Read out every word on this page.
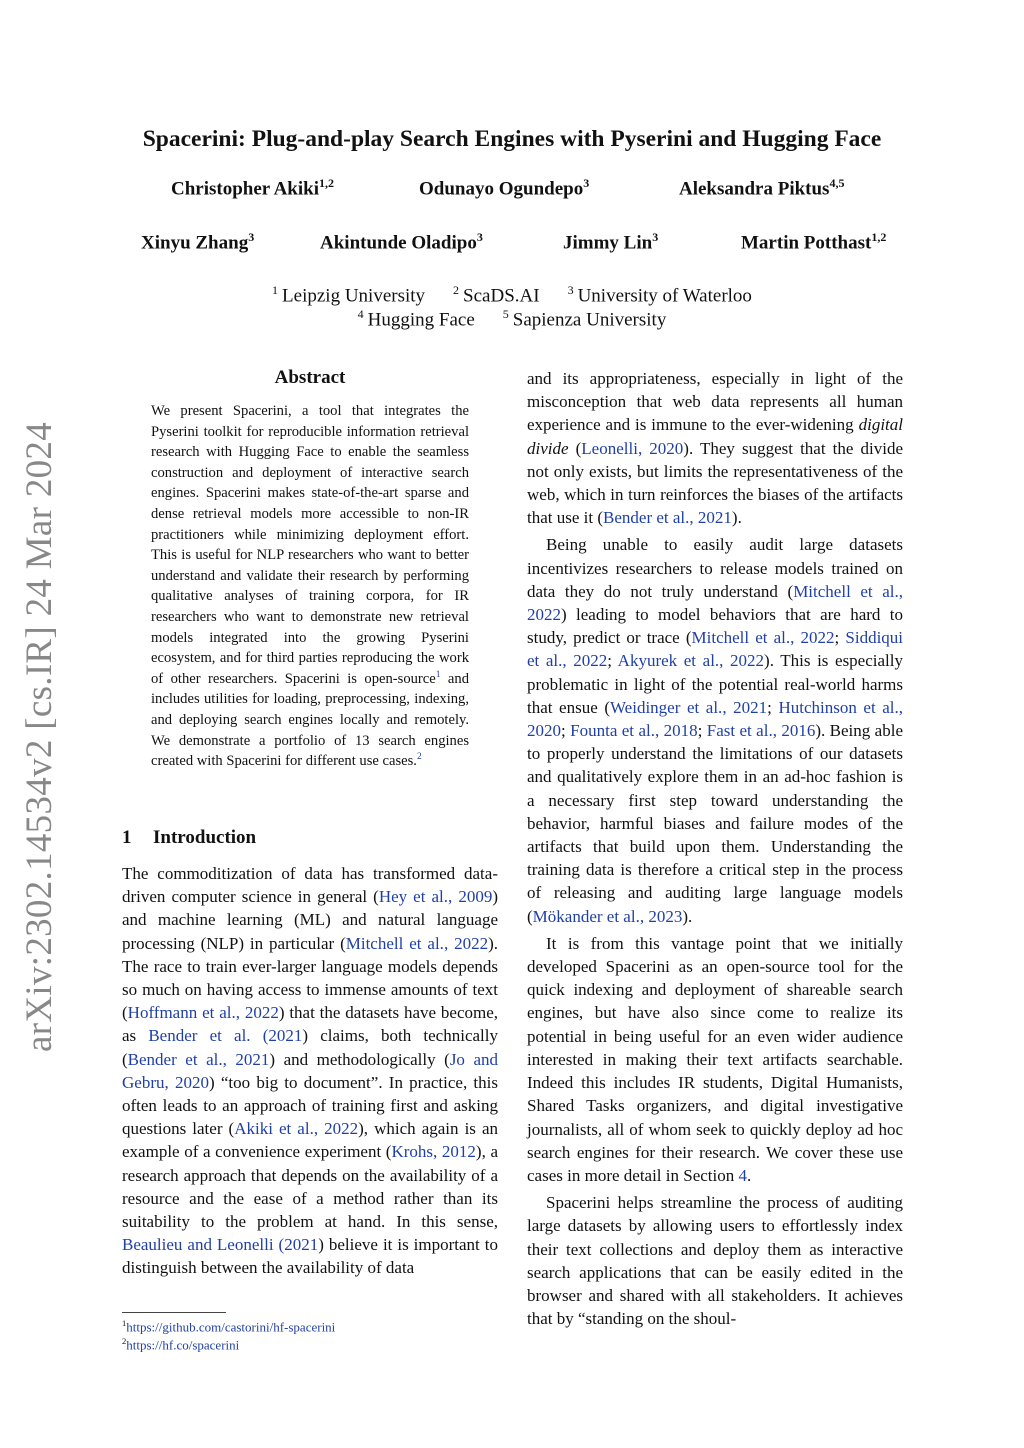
arXiv:2302.14534v2 [cs.IR] 24 Mar 2024
Spacerini: Plug-and-play Search Engines with Pyserini and Hugging Face
Christopher Akiki$^{1,2}$	Odunayo Ogundepo$^3$	Aleksandra Piktus$^{4,5}$
Xinyu Zhang$^3$	Akintunde Oladipo$^3$	Jimmy Lin$^3$	Martin Potthast$^{1,2}$
$^1$ Leipzig University $^2$ ScaDS.AI $^3$ University of Waterloo
$^4$ Hugging Face $^5$ Sapienza University
Abstract
We present Spacerini, a tool that integrates the Pyserini toolkit for reproducible information retrieval research with Hugging Face to enable the seamless construction and deployment of interactive search engines. Spacerini makes state-of-the-art sparse and dense retrieval models more accessible to non-IR practitioners while minimizing deployment effort. This is useful for NLP researchers who want to better understand and validate their research by performing qualitative analyses of training corpora, for IR researchers who want to demonstrate new retrieval models integrated into the growing Pyserini ecosystem, and for third parties reproducing the work of other researchers. Spacerini is open-source$^1$ and includes utilities for loading, preprocessing, indexing, and deploying search engines locally and remotely. We demonstrate a portfolio of 13 search engines created with Spacerini for different use cases.$^2$
1 Introduction

The commoditization of data has transformed data-driven computer science in general (Hey et al., 2009) and machine learning (ML) and natural language processing (NLP) in particular (Mitchell et al., 2022). The race to train ever-larger language models depends so much on having access to immense amounts of text (Hoffmann et al., 2022) that the datasets have become, as Bender et al. (2021) claims, both technically (Bender et al., 2021) and methodologically (Jo and Gebru, 2020) “too big to document”. In practice, this often leads to an approach of training first and asking questions later (Akiki et al., 2022), which again is an example of a convenience experiment (Krohs, 2012), a research approach that depends on the availability of a resource and the ease of a method rather than its suitability to the problem at hand. In this sense, Beaulieu and Leonelli (2021) believe it is important to distinguish between the availability of data

$^1$https://github.com/castorini/hf-spacerini
$^2$https://hf.co/spacerini

and its appropriateness, especially in light of the misconception that web data represents all human experience and is immune to the ever-widening digital divide (Leonelli, 2020). They suggest that the divide not only exists, but limits the representativeness of the web, which in turn reinforces the biases of the artifacts that use it (Bender et al., 2021).

Being unable to easily audit large datasets incentivizes researchers to release models trained on data they do not truly understand (Mitchell et al., 2022) leading to model behaviors that are hard to study, predict or trace (Mitchell et al., 2022; Siddiqui et al., 2022; Akyurek et al., 2022). This is especially problematic in light of the potential real-world harms that ensue (Weidinger et al., 2021; Hutchinson et al., 2020; Founta et al., 2018; Fast et al., 2016). Being able to properly understand the limitations of our datasets and qualitatively explore them in an ad-hoc fashion is a necessary first step toward understanding the behavior, harmful biases and failure modes of the artifacts that build upon them. Understanding the training data is therefore a critical step in the process of releasing and auditing large language models (Mökander et al., 2023).

It is from this vantage point that we initially developed Spacerini as an open-source tool for the quick indexing and deployment of shareable search engines, but have also since come to realize its potential in being useful for an even wider audience interested in making their text artifacts searchable. Indeed this includes IR students, Digital Humanists, Shared Tasks organizers, and digital investigative journalists, all of whom seek to quickly deploy ad hoc search engines for their research. We cover these use cases in more detail in Section 4.

Spacerini helps streamline the process of auditing large datasets by allowing users to effortlessly index their text collections and deploy them as interactive search applications that can be easily edited in the browser and shared with all stakeholders. It achieves that by “standing on the shoul-
